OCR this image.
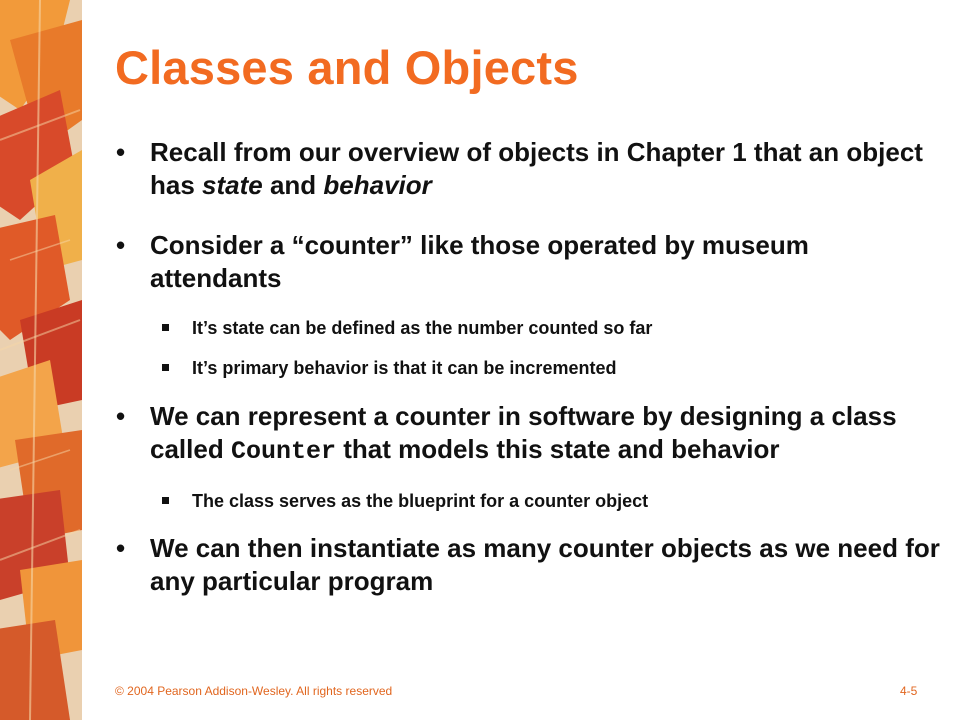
Classes and Objects
• Recall from our overview of objects in Chapter 1 that an object has state and behavior
• Consider a “counter” like those operated by museum attendants
It’s state can be defined as the number counted so far
It’s primary behavior is that it can be incremented
• We can represent a counter in software by designing a class called Counter that models this state and behavior
The class serves as the blueprint for a counter object
• We can then instantiate as many counter objects as we need for any particular program
© 2004 Pearson Addison-Wesley. All rights reserved	4-5
